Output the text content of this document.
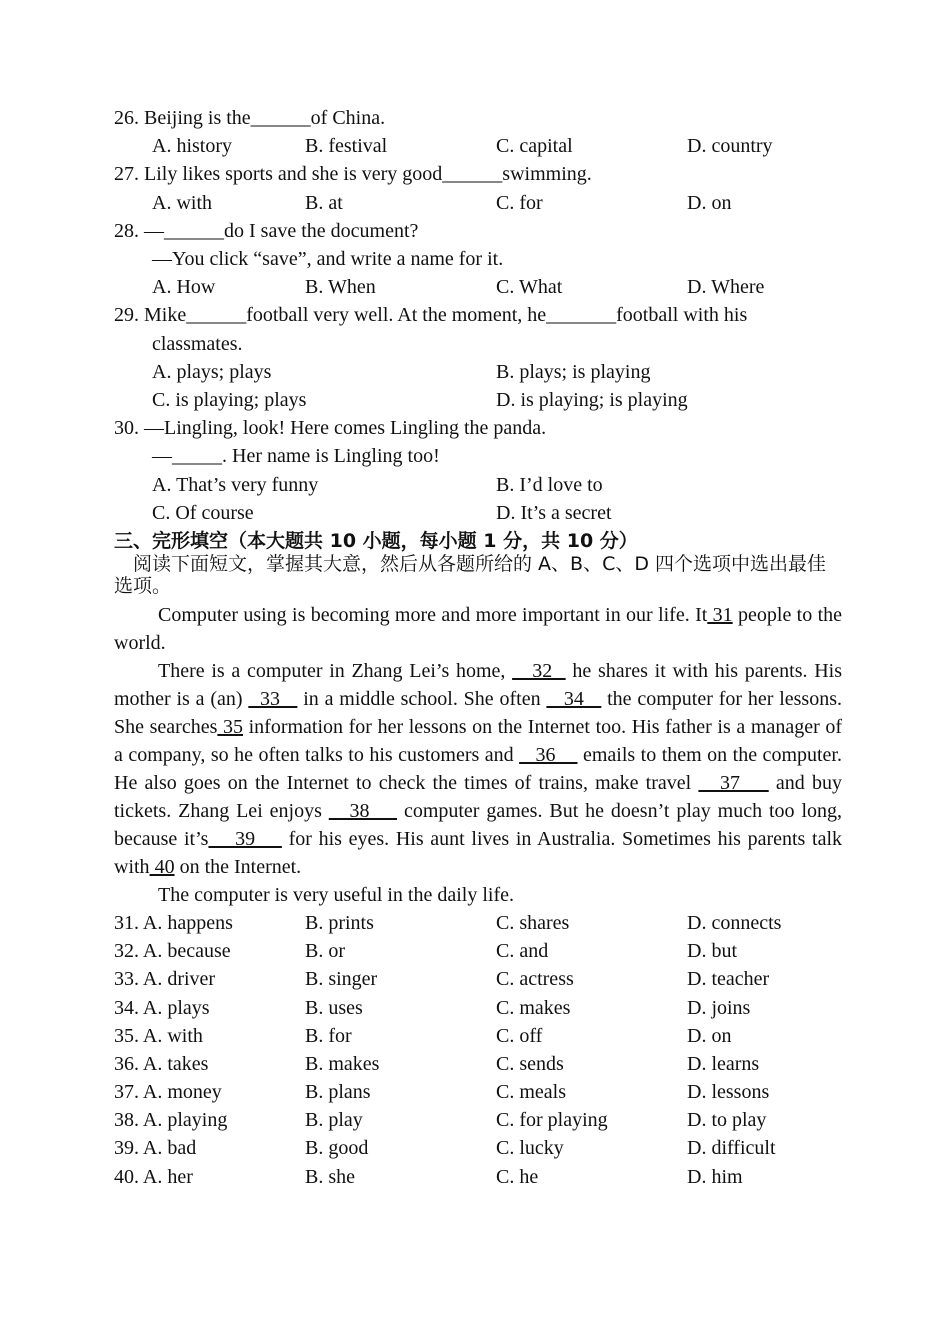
26. Beijing is the______of China.
A. history	B. festival	C. capital	D. country
27. Lily likes sports and she is very good______swimming.
A. with	B. at	C. for	D. on
28. —______do I save the document?
—You click “save”, and write a name for it.
A. How	B. When	C. What	D. Where
29. Mike______football very well. At the moment, he_______football with his
classmates.
A. plays; plays	B. plays; is playing
C. is playing; plays	D. is playing; is playing
30. —Lingling, look! Here comes Lingling the panda.
—_____. Her name is Lingling too!
A. That’s very funny	B. I’d love to
C. Of course	D. It’s a secret
三、完形填空（本大题共 10 小题，每小题 1 分，共 10 分）
阅读下面短文，掌握其大意，然后从各题所给的 A、B、C、D 四个选项中选出最佳选项。

Computer using is becoming more and more important in our life. It 31 people to the world.

There is a computer in Zhang Lei’s home,    32   he shares it with his parents. His mother is a (an)   33    in a middle school. She often    34    the computer for her lessons. She searches 35 information for her lessons on the Internet too. His father is a manager of a company, so he often talks to his customers and    36     emails to them on the computer. He also goes on the Internet to check the times of trains, make travel    37     and buy tickets. Zhang Lei enjoys    38     computer games. But he doesn’t play much too long, because it’s    39     for his eyes. His aunt lives in Australia. Sometimes his parents talk with 40 on the Internet.

The computer is very useful in the daily life.

31. A. happens	B. prints	C. shares	D. connects
32. A. because	B. or	C. and	D. but
33. A. driver	B. singer	C. actress	D. teacher
34. A. plays	B. uses	C. makes	D. joins
35. A. with	B. for	C. off	D. on
36. A. takes	B. makes	C. sends	D. learns
37. A. money	B. plans	C. meals	D. lessons
38. A. playing	B. play	C. for playing	D. to play
39. A. bad	B. good	C. lucky	D. difficult
40. A. her	B. she	C. he	D. him
